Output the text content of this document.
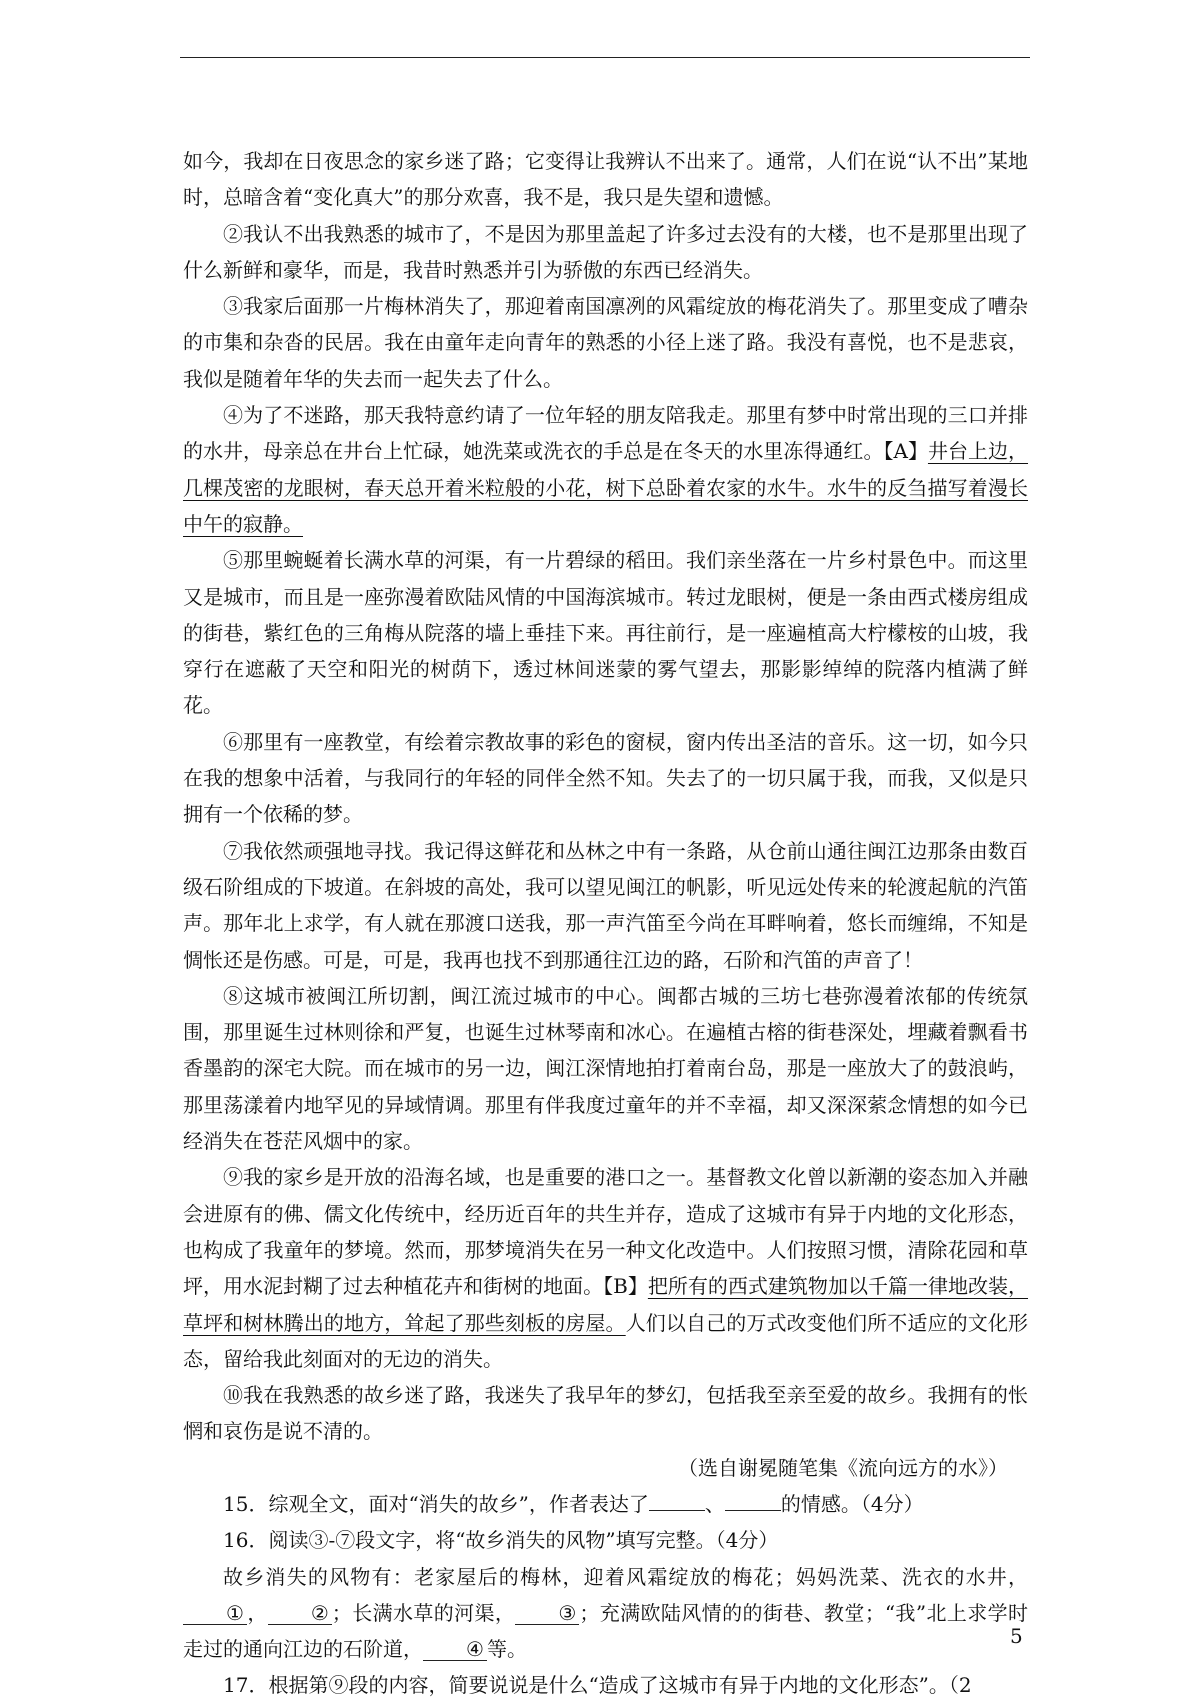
如今，我却在日夜思念的家乡迷了路；它变得让我辨认不出来了。通常，人们在说“认不出”某地时，总暗含着“变化真大”的那分欢喜，我不是，我只是失望和遗憾。

②我认不出我熟悉的城市了，不是因为那里盖起了许多过去没有的大楼，也不是那里出现了什么新鲜和豪华，而是，我昔时熟悉并引为骄傲的东西已经消失。

③我家后面那一片梅林消失了，那迎着南国凛冽的风霜绽放的梅花消失了。那里变成了嘈杂的市集和杂沓的民居。我在由童年走向青年的熟悉的小径上迷了路。我没有喜悦，也不是悲哀，我似是随着年华的失去而一起失去了什么。

④为了不迷路，那天我特意约请了一位年轻的朋友陪我走。那里有梦中时常出现的三口并排的水井，母亲总在井台上忙碌，她洗菜或洗衣的手总是在冬天的水里冻得通红。【A】井台上边，几棵茂密的龙眼树，春天总开着米粒般的小花，树下总卧着农家的水牛。水牛的反刍描写着漫长中午的寂静。

⑤那里蜿蜒着长满水草的河渠，有一片碧绿的稻田。我们亲坐落在一片乡村景色中。而这里又是城市，而且是一座弥漫着欧陆风情的中国海滨城市。转过龙眼树，便是一条由西式楼房组成的街巷，紫红色的三角梅从院落的墙上垂挂下来。再往前行，是一座遍植高大柠檬桉的山坡，我穿行在遮蔽了天空和阳光的树荫下，透过林间迷蒙的雾气望去，那影影绰绰的院落内植满了鲜花。

⑥那里有一座教堂，有绘着宗教故事的彩色的窗棂，窗内传出圣洁的音乐。这一切，如今只在我的想象中活着，与我同行的年轻的同伴全然不知。失去了的一切只属于我，而我，又似是只拥有一个依稀的梦。

⑦我依然顽强地寻找。我记得这鲜花和丛林之中有一条路，从仓前山通往闽江边那条由数百级石阶组成的下坡道。在斜坡的高处，我可以望见闽江的帆影，听见远处传来的轮渡起航的汽笛声。那年北上求学，有人就在那渡口送我，那一声汽笛至今尚在耳畔响着，悠长而缠绵，不知是惆怅还是伤感。可是，可是，我再也找不到那通往江边的路，石阶和汽笛的声音了！

⑧这城市被闽江所切割，闽江流过城市的中心。闽都古城的三坊七巷弥漫着浓郁的传统氛围，那里诞生过林则徐和严复，也诞生过林琴南和冰心。在遍植古榕的街巷深处，埋藏着飘看书香墨韵的深宅大院。而在城市的另一边，闽江深情地拍打着南台岛，那是一座放大了的鼓浪屿，那里荡漾着内地罕见的异域情调。那里有伴我度过童年的并不幸福，却又深深萦念情想的如今已经消失在苍茫风烟中的家。

⑨我的家乡是开放的沿海名域，也是重要的港口之一。基督教文化曾以新潮的姿态加入并融会进原有的佛、儒文化传统中，经历近百年的共生并存，造成了这城市有异于内地的文化形态，也构成了我童年的梦境。然而，那梦境消失在另一种文化改造中。人们按照习惯，清除花园和草坪，用水泥封糊了过去种植花卉和街树的地面。【B】把所有的西式建筑物加以千篇一律地改装，草坪和树林腾出的地方，耸起了那些刻板的房屋。人们以自己的万式改变他们所不适应的文化形态，留给我此刻面对的无边的消失。

⑩我在我熟悉的故乡迷了路，我迷失了我早年的梦幻，包括我至亲至爱的故乡。我拥有的怅惘和哀伤是说不清的。

（选自谢冕随笔集《流向远方的水》）

15．综观全文，面对“消失的故乡”，作者表达了	、	的情感。（4分）

16．阅读③-⑦段文字，将“故乡消失的风物”填写完整。（4分）

故乡消失的风物有：老家屋后的梅林，迎着风霜绽放的梅花；妈妈洗菜、洗衣的水井，① ， ② ；长满水草的河渠， ③ ；充满欧陆风情的的街巷、教堂；“我”北上求学时走过的通向江边的石阶道， ④ 等。

17．根据第⑨段的内容，简要说说是什么“造成了这城市有异于内地的文化形态”。（2

5
